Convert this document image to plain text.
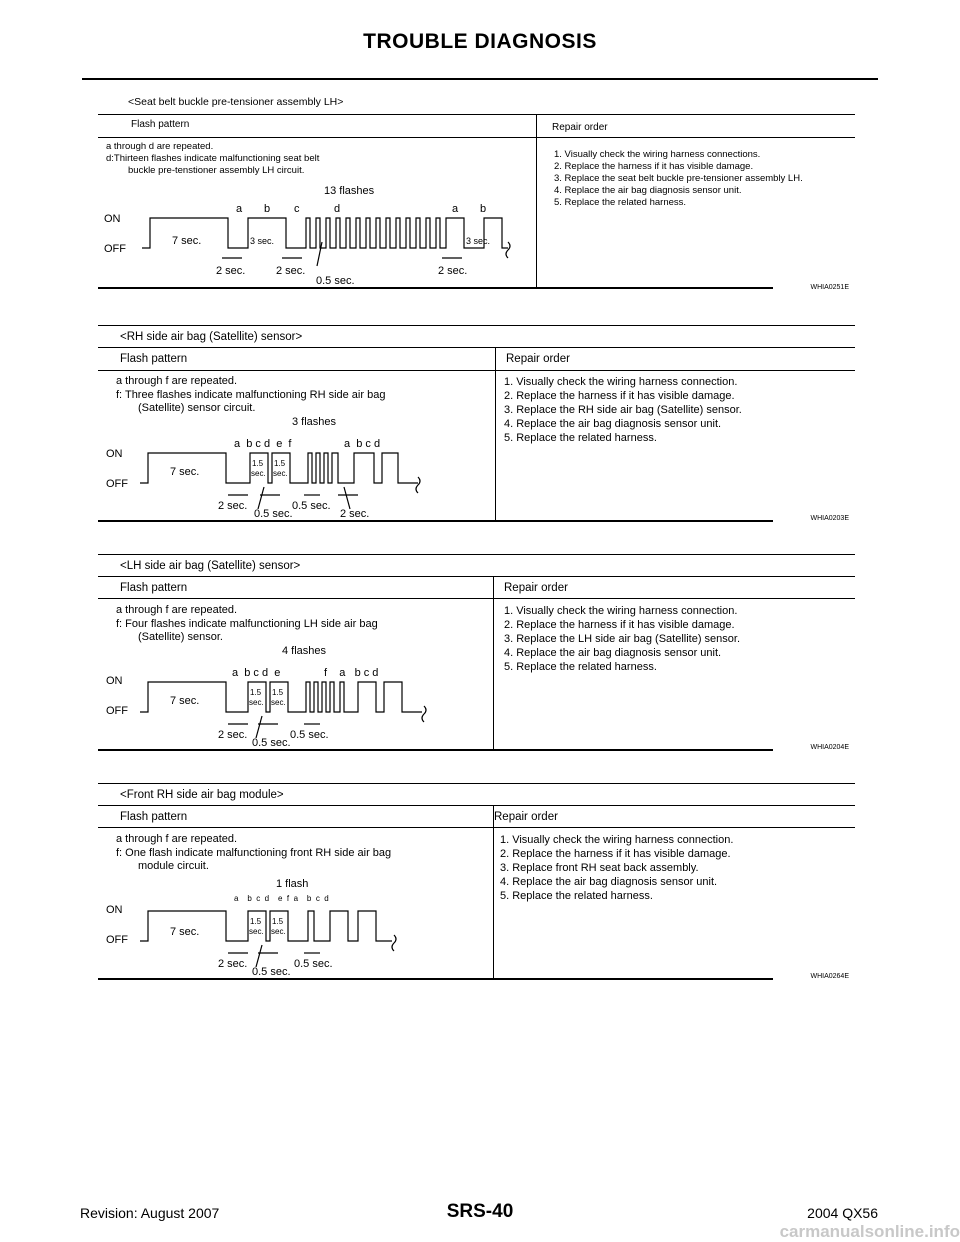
TROUBLE DIAGNOSIS
<Seat belt buckle pre-tensioner assembly LH>
Flash pattern	Repair order
a through d are repeated.
d:Thirteen flashes indicate malfunctioning seat belt

buckle pre-tenstioner assembly LH circuit.
1. Visually check the wiring harness connections.
2. Replace the harness if it has visible damage.
3. Replace the seat belt buckle pre-tensioner assembly LH.
4. Replace the air bag diagnosis sensor unit.
5. Replace the related harness.
13 flashes
ON
OFF
7 sec.	3 sec.	3 sec.
a b c	d	a b
2 sec.	2 sec.
0.5 sec.
2 sec.
WHIA0251E
<RH side air bag (Satellite) sensor>
Flash pattern	Repair order
a through f are repeated.
f: Three flashes indicate malfunctioning RH side air bag

(Satellite) sensor circuit.
1. Visually check the wiring harness connection.
2. Replace the harness if it has visible damage.
3. Replace the RH side air bag (Satellite) sensor.
4. Replace the air bag diagnosis sensor unit.
5. Replace the related harness.
1.5
sec.
1.5
sec.
3 flashes
ON
OFF
7 sec.
a  b c d  e  f	a  b c d
2 sec.
0.5 sec.
0.5 sec.
2 sec.	WHIA0203E
<LH side air bag (Satellite) sensor>
Flash pattern	Repair order
a through f are repeated.
f: Four flashes indicate malfunctioning LH side air bag

(Satellite) sensor.
1. Visually check the wiring harness connection.
2. Replace the harness if it has visible damage.
3. Replace the LH side air bag (Satellite) sensor.
4. Replace the air bag diagnosis sensor unit.
5. Replace the related harness.
1.5
sec.
1.5
sec.
4 flashes
ON
OFF
7 sec.
a  b c d  e	f    a   b c d
2 sec.
0.5 sec.
0.5 sec.
WHIA0204E
<Front RH side air bag module>
Flash pattern	Repair order
a through f are repeated.
f: One flash indicate malfunctioning front RH side air bag

module circuit.
1. Visually check the wiring harness connection.
2. Replace the harness if it has visible damage.
3. Replace front RH seat back assembly.
4. Replace the air bag diagnosis sensor unit.
5. Replace the related harness.
1.5
sec.
1.5
sec.
1 flash
ON
OFF
7 sec.
a    b  c  d    e  f  a    b  c  d
2 sec.
0.5 sec.
0.5 sec.
WHIA0264E
Revision: August 2007	SRS-40	2004 QX56
carmanualsonline.info
